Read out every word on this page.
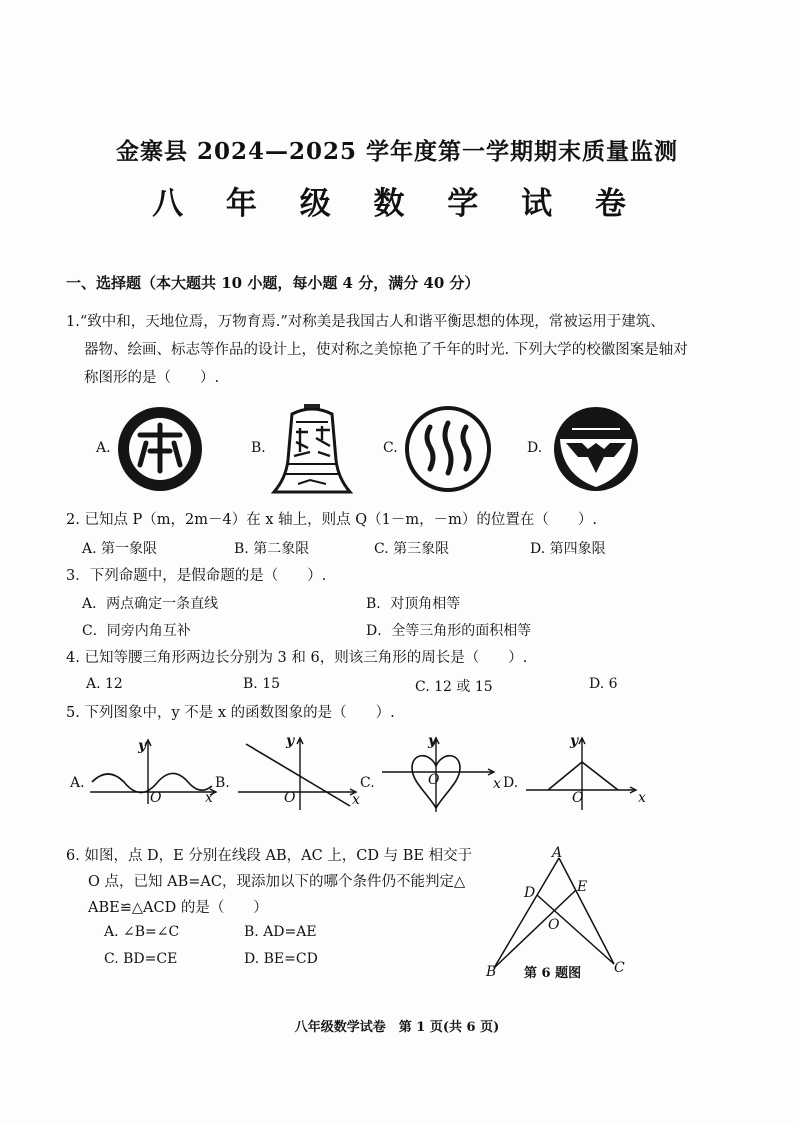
金寨县 2024—2025 学年度第一学期期末质量监测
八 年 级 数 学 试 卷
一、选择题（本大题共 10 小题，每小题 4 分，满分 40 分）
1.“致中和，天地位焉，万物育焉.”对称美是我国古人和谐平衡思想的体现，常被运用于建筑、
器物、绘画、标志等作品的设计上，使对称之美惊艳了千年的时光. 下列大学的校徽图案是轴对
称图形的是（　　）.
A.	B.	C.	D.
2. 已知点 P（m，2m－4）在 x 轴上，则点 Q（1－m，－m）的位置在（　　）.
A. 第一象限	B. 第二象限	C. 第三象限	D. 第四象限
3．下列命题中，是假命题的是（　　）.
A．两点确定一条直线	B．对顶角相等
C．同旁内角互补	D．全等三角形的面积相等
4. 已知等腰三角形两边长分别为 3 和 6，则该三角形的周长是（　　）.
A. 12	B. 15	C. 12 或 15	D. 6
5. 下列图象中，y 不是 x 的函数图象的是（　　）.
A.
y
O	x
B.
y
O	x
C.
y
O	x D.
y
O	x
6. 如图，点 D，E 分别在线段 AB，AC 上，CD 与 BE 相交于
O 点，已知 AB=AC，现添加以下的哪个条件仍不能判定△
ABE≌△ACD 的是（　　）
A. ∠B=∠C	B. AD=AE
C. BD=CE	D. BE=CD
A
D	E
O
B	C
第 6 题图
八年级数学试卷　第 1 页(共 6 页)
